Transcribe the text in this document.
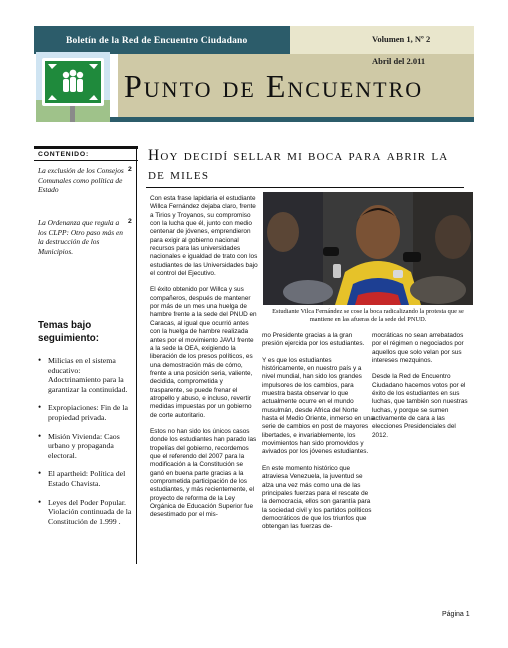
Boletín de la Red de Encuentro Ciudadano	Volumen 1, Nº 2
Abril del 2.011
Punto de Encuentro
CONTENIDO:
La exclusión de los Consejos Comunales como política de Estado
2
La Ordenanza que regula a los CLPP: Otro paso más en la destrucción de los Municipios.
2
Temas bajo seguimiento:
• Milicias en el sistema educativo: Adoctrinamiento para la garantizar la continuidad.
• Expropiaciones: Fin de la propiedad privada.
• Misión Vivienda: Caos urbano y propaganda electoral.
• El apartheid: Política del Estado Chavista.
• Leyes del Poder Popular. Violación continuada de la Constitución de 1.999 .
Hoy decidí sellar mi boca para abrir la de miles

Con esta frase lapidaria el estudiante Willca Fernández dejaba claro, frente a Tirios y Troyanos, su compromiso con la lucha que él, junto con medio centenar de jóvenes, emprendieron para exigir al gobierno nacional recursos para las universidades nacionales e igualdad de trato con los estudiantes de las Universidades bajo el control del Ejecutivo.

El éxito obtenido por Willca y sus compañeros, después de mantener por más de un mes una huelga de hambre frente a la sede del PNUD en Caracas, al igual que ocurrió antes con la huelga de hambre realizada antes por el movimiento JAVU frente a la sede la OEA, exigiendo la liberación de los presos políticos, es una demostración más de cómo, frente a una posición seria, valiente, decidida, comprometida y trasparente, se puede frenar el atropello y abuso, e incluso, revertir medidas impuestas por un gobierno de corte autoritario.

Estos no han sido los únicos casos donde los estudiantes han parado las tropelías del gobierno, recordemos que el referendo del 2007 para la modificación a la Constitución se ganó en buena parte gracias a la comprometida participación de los estudiantes, y más recientemente, el proyecto de reforma de la Ley Orgánica de Educación Superior fue desestimado por el mis-

Estudiante Vilca Fernández se cose la boca radicalizando la protesta que se mantiene en las afueras de la sede del PNUD.

mo Presidente gracias a la gran presión ejercida por los estudiantes.

Y es que los estudiantes históricamente, en nuestro país y a nivel mundial, han sido los grandes impulsores de los cambios, para muestra basta observar lo que actualmente ocurre en el mundo musulmán, desde Africa del Norte hasta el Medio Oriente, inmerso en una serie de cambios en post de mayores libertades, e invariablemente, los movimientos han sido promovidos y avivados por los jóvenes estudiantes.

En este momento histórico que atraviesa Venezuela, la juventud se alza una vez más como una de las principales fuerzas para el rescate de la democracia, ellos son garantía para la sociedad civil y los partidos políticos democráticos de que los triunfos que obtengan las fuerzas de-

mocráticas no sean arrebatados por el régimen o negociados por aquellos que solo velan por sus intereses mezquinos.

Desde la Red de Encuentro Ciudadano hacemos votos por el éxito de los estudiantes en sus luchas, que también son nuestras luchas, y porque se sumen activamente de cara a las elecciones Presidenciales del 2012.

Página 1
